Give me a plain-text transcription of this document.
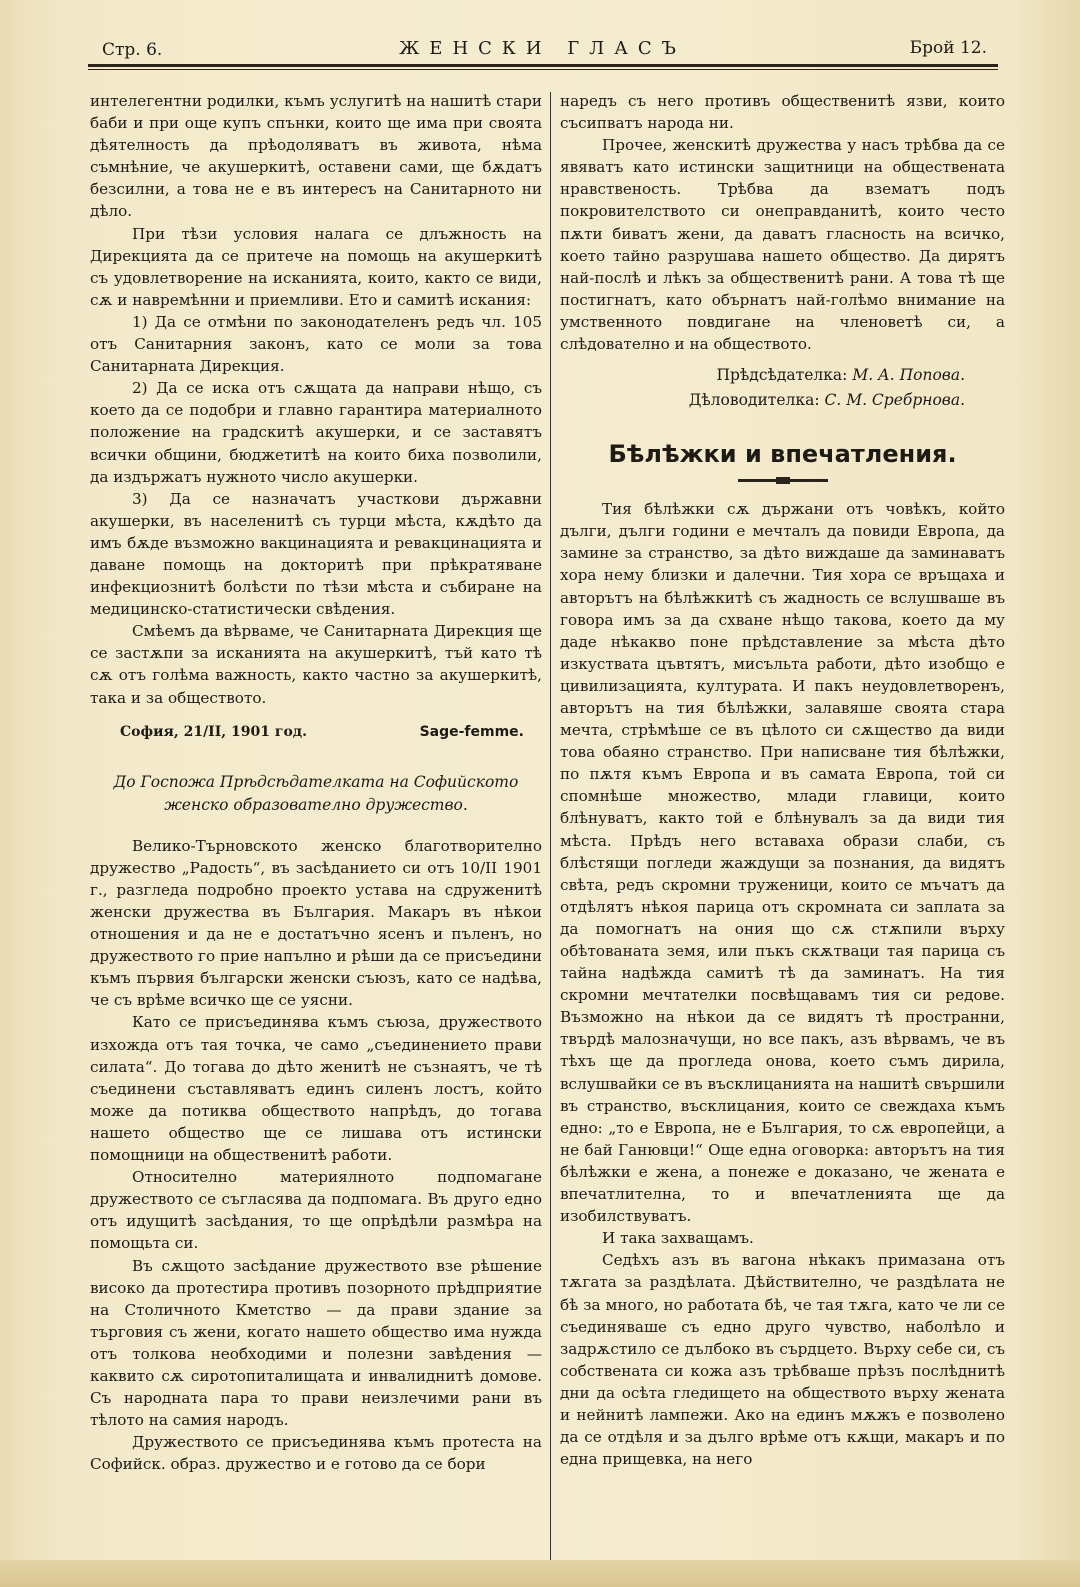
Стр. 6.	ЖЕНСКИ ГЛАСЪ	Брой 12.

интелегентни родилки, къмъ услугитѣ на нашитѣ стари баби и при още купъ спънки, които ще има при своята дѣятелность да прѣодоляватъ въ живота, нѣма съмнѣние, че акушеркитѣ, оставени сами, ще бѫдатъ безсилни, а това не е въ интересъ на Санитарното ни дѣло.

При тѣзи условия налага се длъжность на Дирекцията да се притече на помощь на акушеркитѣ съ удовлетворение на исканията, които, както се види, сѫ и навремѣнни и приемливи. Ето и самитѣ искания:

1) Да се отмѣни по законодателенъ редъ чл. 105 отъ Санитарния законъ, като се моли за това Санитарната Дирекция.

2) Да се иска отъ сѫщата да направи нѣщо, съ което да се подобри и главно гарантира материалното положение на градскитѣ акушерки, и се заставятъ всички общини, бюджетитѣ на които биха позволили, да издържатъ нужното число акушерки.

3) Да се назначатъ участкови държавни акушерки, въ населенитѣ съ турци мѣста, кѫдѣто да имъ бѫде възможно вакцинацията и ревакцинацията и даване помощь на докторитѣ при прѣкратяване инфекциознитѣ болѣсти по тѣзи мѣста и събиране на медицинско-статистически свѣдения.

Смѣемъ да вѣрваме, че Санитарната Дирекция ще се застѫпи за исканията на акушеркитѣ, тъй като тѣ сѫ отъ голѣма важность, както частно за акушеркитѣ, така и за обществото.

София, 21/II, 1901 год.	Sage-femme.

До Госпожа Прѣдсѣдателката на Софийското женско образователно дружество.

Велико-Търновското женско благотворително дружество „Радость“, въ засѣданието си отъ 10/II 1901 г., разгледа подробно проекто устава на сдруженитѣ женски дружества въ България. Макаръ въ нѣкои отношения и да не е достатъчно ясенъ и пъленъ, но дружеството го прие напълно и рѣши да се присъедини къмъ първия български женски съюзъ, като се надѣва, че съ врѣме всичко ще се уясни.

Като се присъединява къмъ съюза, дружеството изхожда отъ тая точка, че само „съединението прави силата“. До тогава до дѣто женитѣ не съзнаятъ, че тѣ съединени съставляватъ единъ силенъ лостъ, който може да потиква обществото напрѣдъ, до тогава нашето общество ще се лишава отъ истински помощници на общественитѣ работи.

Относително материялното подпомагане дружеството се съгласява да подпомага. Въ друго едно отъ идущитѣ засѣдания, то ще опрѣдѣли размѣра на помощьта си.

Въ сѫщото засѣдание дружеството взе рѣшение високо да протестира противъ позорното прѣдприятие на Столичното Кметство — да прави здание за търговия съ жени, когато нашето общество има нужда отъ толкова необходими и полезни завѣдения — каквито сѫ сиротопиталищата и инвалиднитѣ домове. Съ народната пара то прави неизлечими рани въ тѣлото на самия народъ.

Дружеството се присъединява къмъ протеста на Софийск. образ. дружество и е готово да се бори

наредъ съ него противъ общественитѣ язви, които съсипватъ народа ни.

Прочее, женскитѣ дружества у насъ трѣбва да се явяватъ като истински защитници на обществената нравственость. Трѣбва да взематъ подъ покровителството си онеправданитѣ, които често пѫти биватъ жени, да даватъ гласность на всичко, което тайно разрушава нашето общество. Да дирятъ най-послѣ и лѣкъ за общественитѣ рани. А това тѣ ще постигнатъ, като обърнатъ най-голѣмо внимание на умственното повдигане на членоветѣ си, а слѣдователно и на обществото.

Прѣдсѣдателка: М. А. Попова.
Дѣловодителка: С. М. Сребрнова.
Бѣлѣжки и впечатления.

Тия бѣлѣжки сѫ държани отъ човѣкъ, който дълги, дълги години е мечталъ да повиди Европа, да замине за странство, за дѣто виждаше да заминаватъ хора нему близки и далечни. Тия хора се връщаха и авторътъ на бѣлѣжкитѣ съ жадность се вслушваше въ говора имъ за да схване нѣщо такова, което да му даде нѣкакво поне прѣдставление за мѣста дѣто изкуствата цъвтятъ, мисъльта работи, дѣто изобщо е цивилизацията, културата. И пакъ неудовлетворенъ, авторътъ на тия бѣлѣжки, залавяше своята стара мечта, стрѣмѣше се въ цѣлото си сѫщество да види това обаяно странство. При написване тия бѣлѣжки, по пѫтя къмъ Европа и въ самата Европа, той си спомнѣше множество, млади главици, които блѣнуватъ, както той е блѣнувалъ за да види тия мѣста. Прѣдъ него вставаха образи слаби, съ блѣстящи погледи жаждущи за познания, да видятъ свѣта, редъ скромни труженици, които се мъчатъ да отдѣлятъ нѣкоя парица отъ скромната си заплата за да помогнатъ на ония що сѫ стѫпили върху обѣтованата земя, или пъкъ скѫтваци тая парица съ тайна надѣжда самитѣ тѣ да заминатъ. На тия скромни мечтателки посвѣщавамъ тия си редове. Възможно на нѣкои да се видятъ тѣ пространни, твърдѣ малозначущи, но все пакъ, азъ вѣрвамъ, че въ тѣхъ ще да проглeда онова, което съмъ дирила, вслушвайки се въ въсклицанията на нашитѣ свършили въ странство, въсклицания, които се свеждаха къмъ едно: „то е Европа, не е България, то сѫ европейци, а не бай Ганювци!“ Още една оговорка: авторътъ на тия бѣлѣжки е жена, а понеже е доказано, че жената е впечатлителна, то и впечатленията ще да изобилствуватъ.

И така захващамъ.

Седѣхъ азъ въ вагона нѣкакъ примазана отъ тѫгата за раздѣлата. Дѣйствително, че раздѣлата не бѣ за много, но работата бѣ, че тая тѫга, като че ли се съединяваше съ едно друго чувство, наболѣло и задрѫстило се дълбоко въ сърдцето. Върху себе си, съ собствената си кожа азъ трѣбваше прѣзъ послѣднитѣ дни да осѣта гледището на обществото върху жената и нейнитѣ лампежи. Ако на единъ мѫжъ е позволено да се отдѣля и за дълго врѣме отъ кѫщи, макаръ и по една прищевка, на него
